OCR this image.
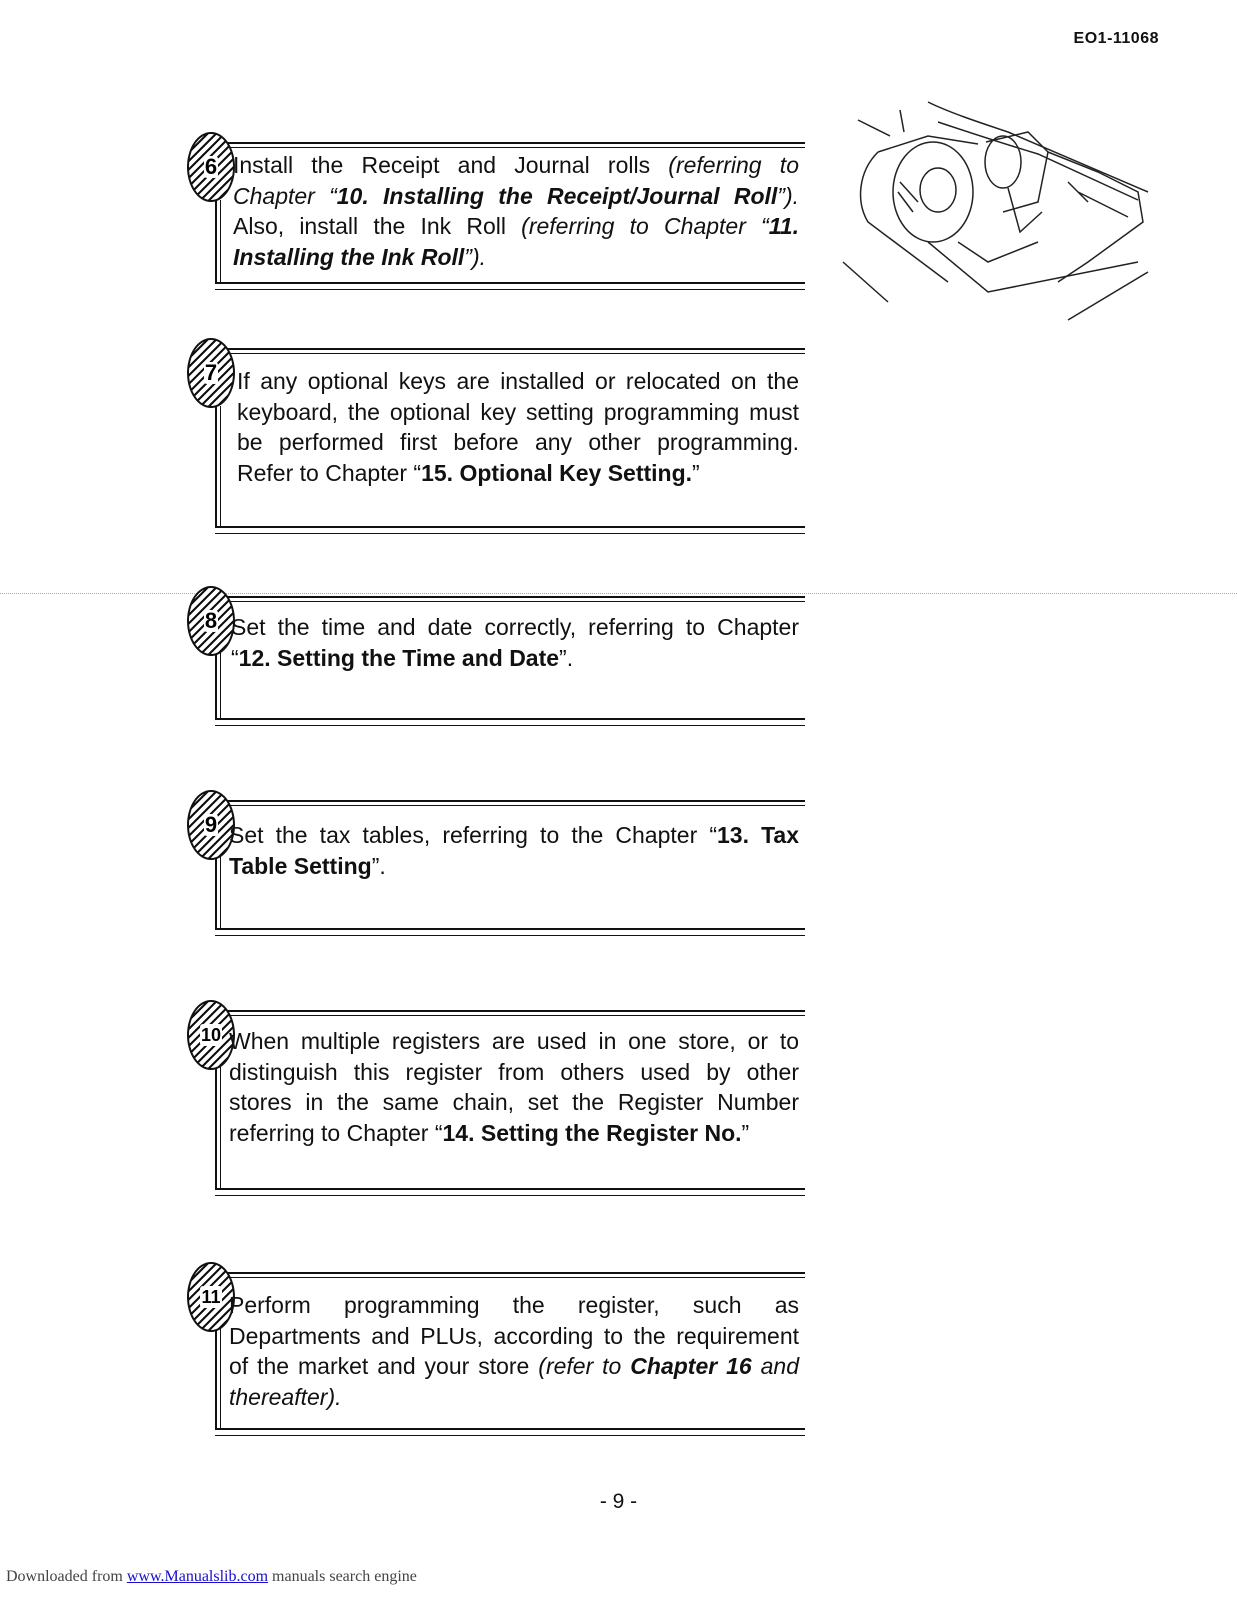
EO1-11068
6 Install the Receipt and Journal rolls (referring to Chapter “10. Installing the Receipt/Journal Roll”). Also, install the Ink Roll (referring to Chapter “11. Installing the Ink Roll”).
7 If any optional keys are installed or relocated on the keyboard, the optional key setting programming must be performed first before any other programming. Refer to Chapter “15. Optional Key Setting.”
8 Set the time and date correctly, referring to Chapter “12. Setting the Time and Date”.
9 Set the tax tables, referring to the Chapter “13. Tax Table Setting”.
10 When multiple registers are used in one store, or to distinguish this register from others used by other stores in the same chain, set the Register Number referring to Chapter “14. Setting the Register No.”
11 Perform programming the register, such as Departments and PLUs, according to the requirement of the market and your store (refer to Chapter 16 and thereafter).
- 9 -
Downloaded from www.Manualslib.com manuals search engine
